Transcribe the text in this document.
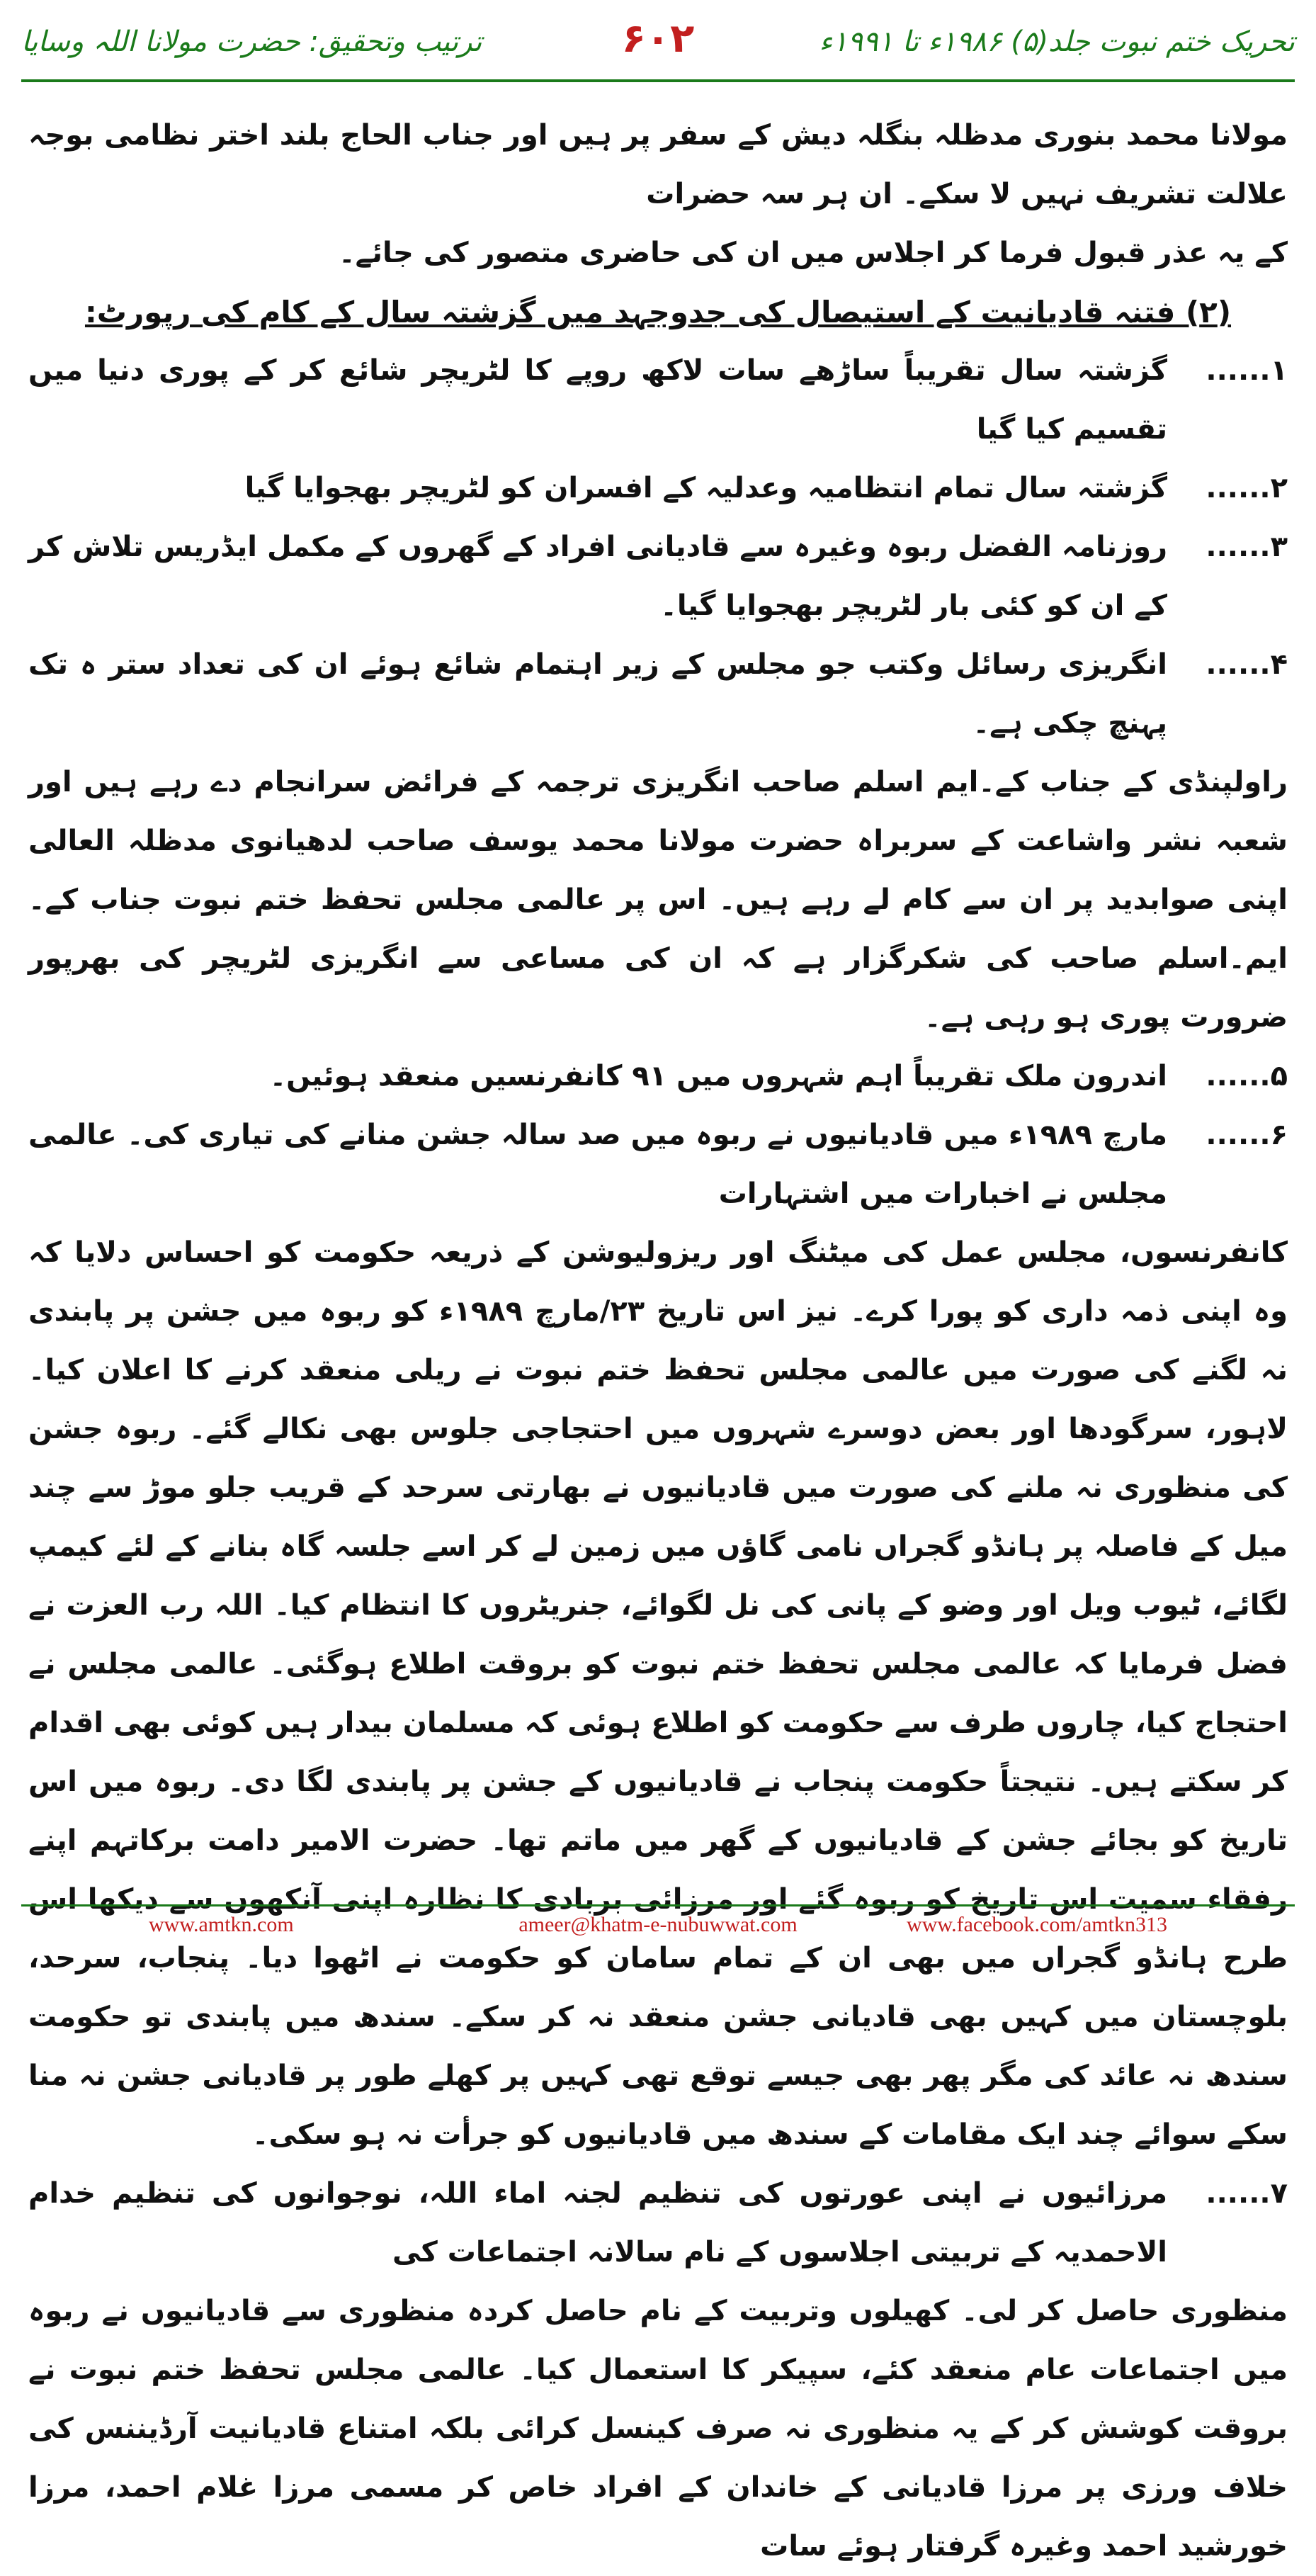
تحریک ختم نبوت جلد(۵) ۱۹۸۶ء تا ۱۹۹۱ء
۶۰۲
ترتیب وتحقیق: حضرت مولانا اللہ وسایا

مولانا محمد بنوری مدظلہ بنگلہ دیش کے سفر پر ہیں اور جناب الحاج بلند اختر نظامی بوجہ علالت تشریف نہیں لا سکے۔ ان ہر سہ حضرات

کے یہ عذر قبول فرما کر اجلاس میں ان کی حاضری متصور کی جائے۔

(۲) فتنہ قادیانیت کے استیصال کی جدوجہد میں گزشتہ سال کے کام کی رپورٹ:

۱......
گزشتہ سال تقریباً ساڑھے سات لاکھ روپے کا لٹریچر شائع کر کے پوری دنیا میں تقسیم کیا گیا
۲......
گزشتہ سال تمام انتظامیہ وعدلیہ کے افسران کو لٹریچر بھجوایا گیا
۳......
روزنامہ الفضل ربوہ وغیرہ سے قادیانی افراد کے گھروں کے مکمل ایڈریس تلاش کر کے ان کو کئی بار لٹریچر بھجوایا گیا۔
۴......
انگریزی رسائل وکتب جو مجلس کے زیر اہتمام شائع ہوئے ان کی تعداد ستر ہ تک پہنچ چکی ہے۔

راولپنڈی کے جناب کے۔ایم اسلم صاحب انگریزی ترجمہ کے فرائض سرانجام دے رہے ہیں اور شعبہ نشر واشاعت کے سربراہ حضرت مولانا محمد یوسف صاحب لدھیانوی مدظلہ العالی اپنی صوابدید پر ان سے کام لے رہے ہیں۔ اس پر عالمی مجلس تحفظ ختم نبوت جناب کے۔ایم۔اسلم صاحب کی شکرگزار ہے کہ ان کی مساعی سے انگریزی لٹریچر کی بھرپور ضرورت پوری ہو رہی ہے۔

۵......
اندرون ملک تقریباً اہم شہروں میں ۹۱ کانفرنسیں منعقد ہوئیں۔
۶......
مارچ ۱۹۸۹ء میں قادیانیوں نے ربوہ میں صد سالہ جشن منانے کی تیاری کی۔ عالمی مجلس نے اخبارات میں اشتہارات

کانفرنسوں، مجلس عمل کی میٹنگ اور ریزولیوشن کے ذریعہ حکومت کو احساس دلایا کہ وہ اپنی ذمہ داری کو پورا کرے۔ نیز اس تاریخ ۲۳/مارچ ۱۹۸۹ء کو ربوہ میں جشن پر پابندی نہ لگنے کی صورت میں عالمی مجلس تحفظ ختم نبوت نے ریلی منعقد کرنے کا اعلان کیا۔ لاہور، سرگودھا اور بعض دوسرے شہروں میں احتجاجی جلوس بھی نکالے گئے۔ ربوہ جشن کی منظوری نہ ملنے کی صورت میں قادیانیوں نے بھارتی سرحد کے قریب جلو موڑ سے چند میل کے فاصلہ پر ہانڈو گجراں نامی گاؤں میں زمین لے کر اسے جلسہ گاہ بنانے کے لئے کیمپ لگائے، ٹیوب ویل اور وضو کے پانی کی نل لگوائے، جنریٹروں کا انتظام کیا۔ اللہ رب العزت نے فضل فرمایا کہ عالمی مجلس تحفظ ختم نبوت کو بروقت اطلاع ہوگئی۔ عالمی مجلس نے احتجاج کیا، چاروں طرف سے حکومت کو اطلاع ہوئی کہ مسلمان بیدار ہیں کوئی بھی اقدام کر سکتے ہیں۔ نتیجتاً حکومت پنجاب نے قادیانیوں کے جشن پر پابندی لگا دی۔ ربوہ میں اس تاریخ کو بجائے جشن کے قادیانیوں کے گھر میں ماتم تھا۔ حضرت الامیر دامت برکاتہم اپنے رفقاء سمیت اس تاریخ کو ربوہ گئے اور مرزائی بربادی کا نظارہ اپنی آنکھوں سے دیکھا اس طرح ہانڈو گجراں میں بھی ان کے تمام سامان کو حکومت نے اٹھوا دیا۔ پنجاب، سرحد، بلوچستان میں کہیں بھی قادیانی جشن منعقد نہ کر سکے۔ سندھ میں پابندی تو حکومت سندھ نہ عائد کی مگر پھر بھی جیسے توقع تھی کہیں پر کھلے طور پر قادیانی جشن نہ منا سکے سوائے چند ایک مقامات کے سندھ میں قادیانیوں کو جرأت نہ ہو سکی۔

۷......
مرزائیوں نے اپنی عورتوں کی تنظیم لجنہ اماء اللہ، نوجوانوں کی تنظیم خدام الاحمدیہ کے تربیتی اجلاسوں کے نام سالانہ اجتماعات کی

منظوری حاصل کر لی۔ کھیلوں وتربیت کے نام حاصل کردہ منظوری سے قادیانیوں نے ربوہ میں اجتماعات عام منعقد کئے، سپیکر کا استعمال کیا۔ عالمی مجلس تحفظ ختم نبوت نے بروقت کوشش کر کے یہ منظوری نہ صرف کینسل کرائی بلکہ امتناع قادیانیت آرڈیننس کی خلاف ورزی پر مرزا قادیانی کے خاندان کے افراد خاص کر مسمی مرزا غلام احمد، مرزا خورشید احمد وغیرہ گرفتار ہوئے سات

www.amtkn.com	ameer@khatm-e-nubuwwat.com	www.facebook.com/amtkn313
